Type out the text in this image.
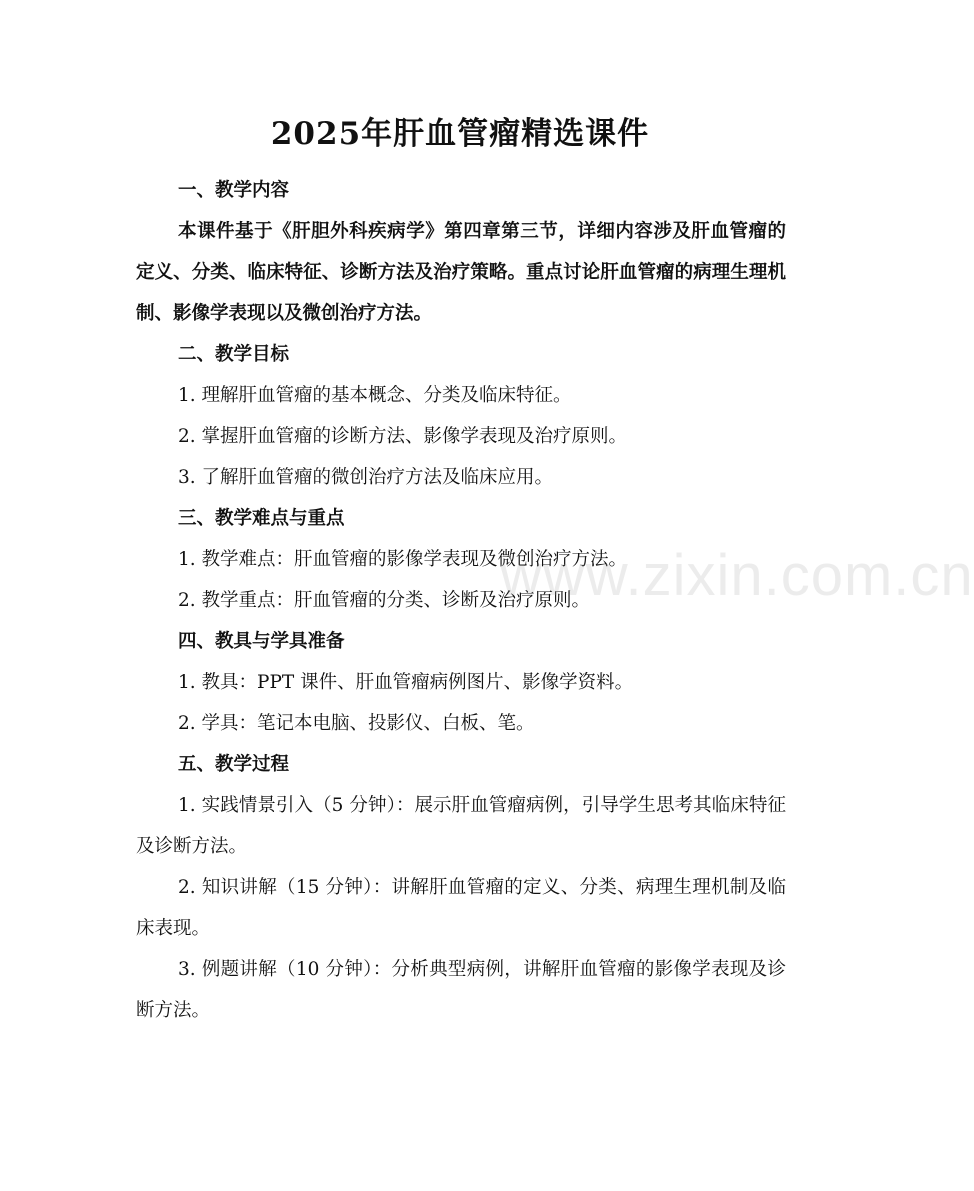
2025年肝血管瘤精选课件

一、教学内容

本课件基于《肝胆外科疾病学》第四章第三节，详细内容涉及肝血管瘤的定义、分类、临床特征、诊断方法及治疗策略。重点讨论肝血管瘤的病理生理机制、影像学表现以及微创治疗方法。

二、教学目标

1. 理解肝血管瘤的基本概念、分类及临床特征。

2. 掌握肝血管瘤的诊断方法、影像学表现及治疗原则。

3. 了解肝血管瘤的微创治疗方法及临床应用。

三、教学难点与重点

1. 教学难点：肝血管瘤的影像学表现及微创治疗方法。

2. 教学重点：肝血管瘤的分类、诊断及治疗原则。

四、教具与学具准备

1. 教具：PPT 课件、肝血管瘤病例图片、影像学资料。

2. 学具：笔记本电脑、投影仪、白板、笔。

五、教学过程

1. 实践情景引入（5 分钟）：展示肝血管瘤病例，引导学生思考其临床特征及诊断方法。

2. 知识讲解（15 分钟）：讲解肝血管瘤的定义、分类、病理生理机制及临床表现。

3. 例题讲解（10 分钟）：分析典型病例，讲解肝血管瘤的影像学表现及诊断方法。

www.zixin.com.cn
